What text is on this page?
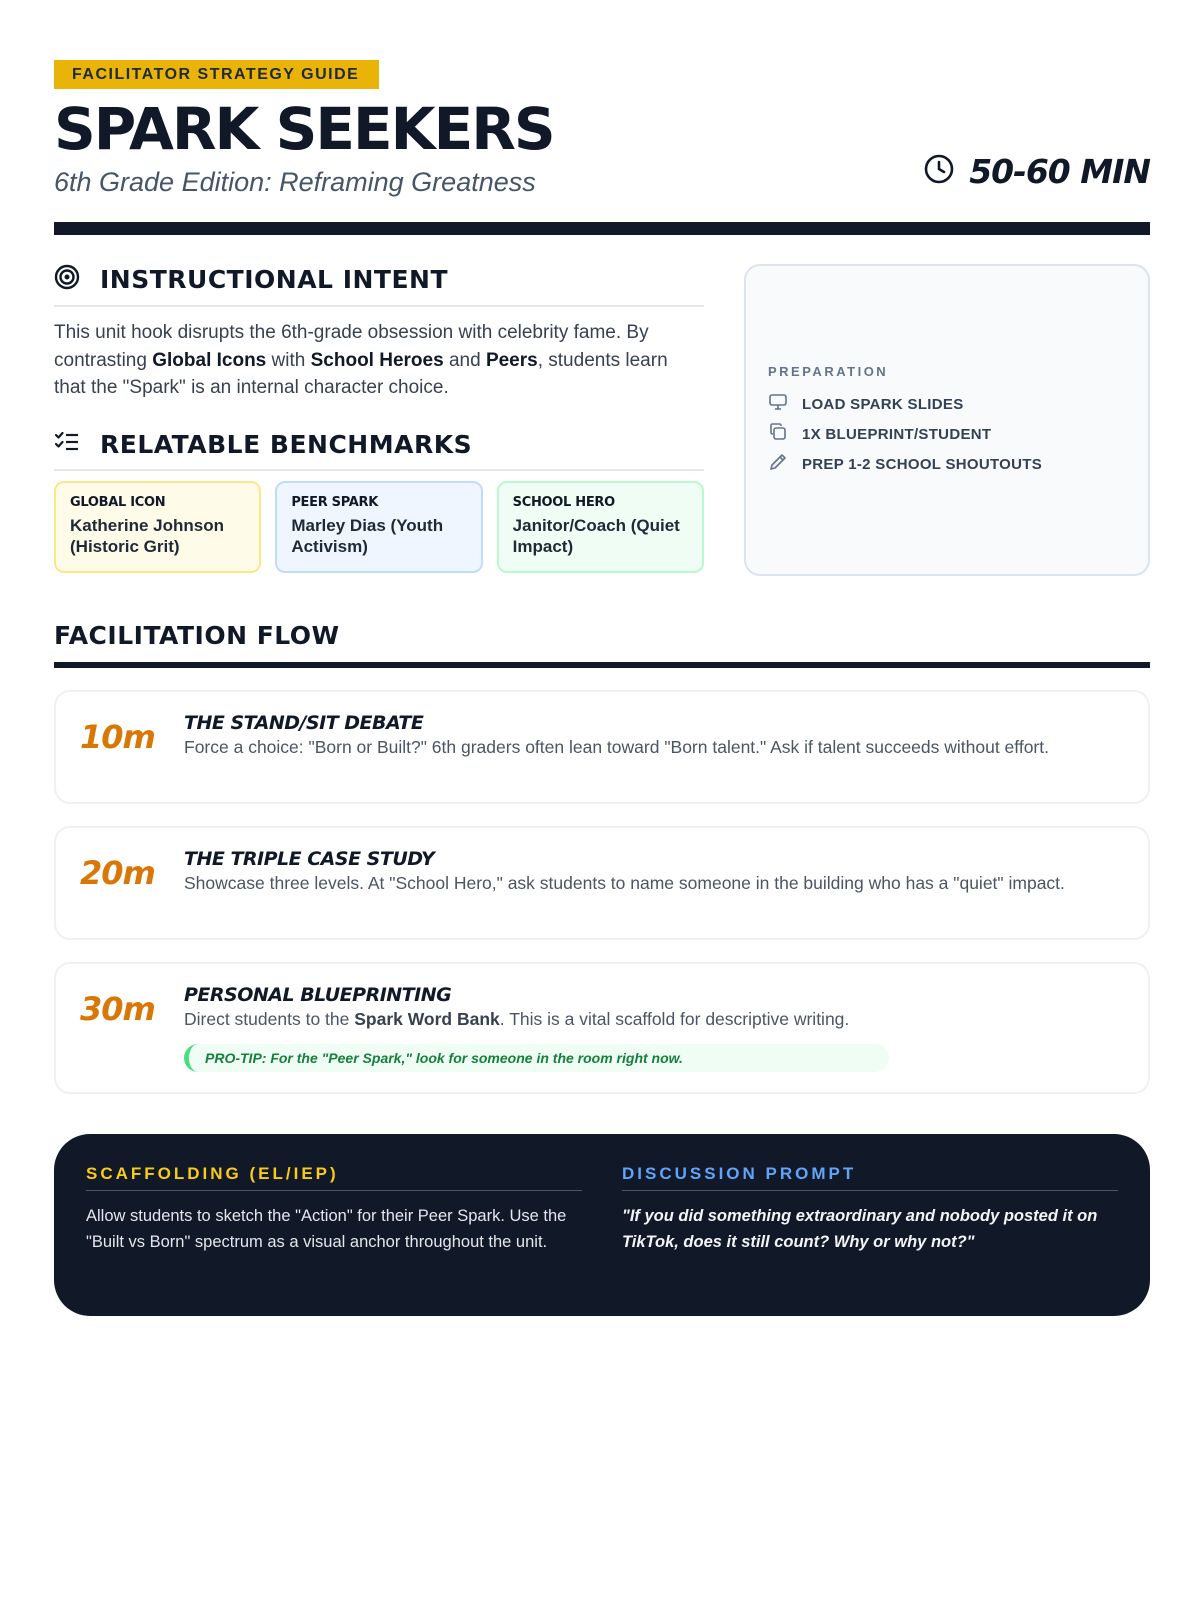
FACILITATOR STRATEGY GUIDE
SPARK SEEKERS
6th Grade Edition: Reframing Greatness	50-60 MIN
INSTRUCTIONAL INTENT

This unit hook disrupts the 6th-grade obsession with celebrity fame. By contrasting Global Icons with School Heroes and Peers, students learn that the "Spark" is an internal character choice.

RELATABLE BENCHMARKS
GLOBAL ICON
Katherine Johnson (Historic Grit)
PEER SPARK
Marley Dias (Youth Activism)
SCHOOL HERO
Janitor/Coach (Quiet Impact)
PREPARATION
LOAD SPARK SLIDES
1X BLUEPRINT/STUDENT
PREP 1-2 SCHOOL SHOUTOUTS
FACILITATION FLOW
10m	THE STAND/SIT DEBATE
Force a choice: "Born or Built?" 6th graders often lean toward "Born talent." Ask if talent succeeds without effort.
20m	THE TRIPLE CASE STUDY
Showcase three levels. At "School Hero," ask students to name someone in the building who has a "quiet" impact.
30m	PERSONAL BLUEPRINTING
Direct students to the Spark Word Bank. This is a vital scaffold for descriptive writing.
PRO-TIP: For the "Peer Spark," look for someone in the room right now.
SCAFFOLDING (EL/IEP)
Allow students to sketch the "Action" for their Peer Spark. Use the "Built vs Born" spectrum as a visual anchor throughout the unit.
DISCUSSION PROMPT
"If you did something extraordinary and nobody posted it on TikTok, does it still count? Why or why not?"
